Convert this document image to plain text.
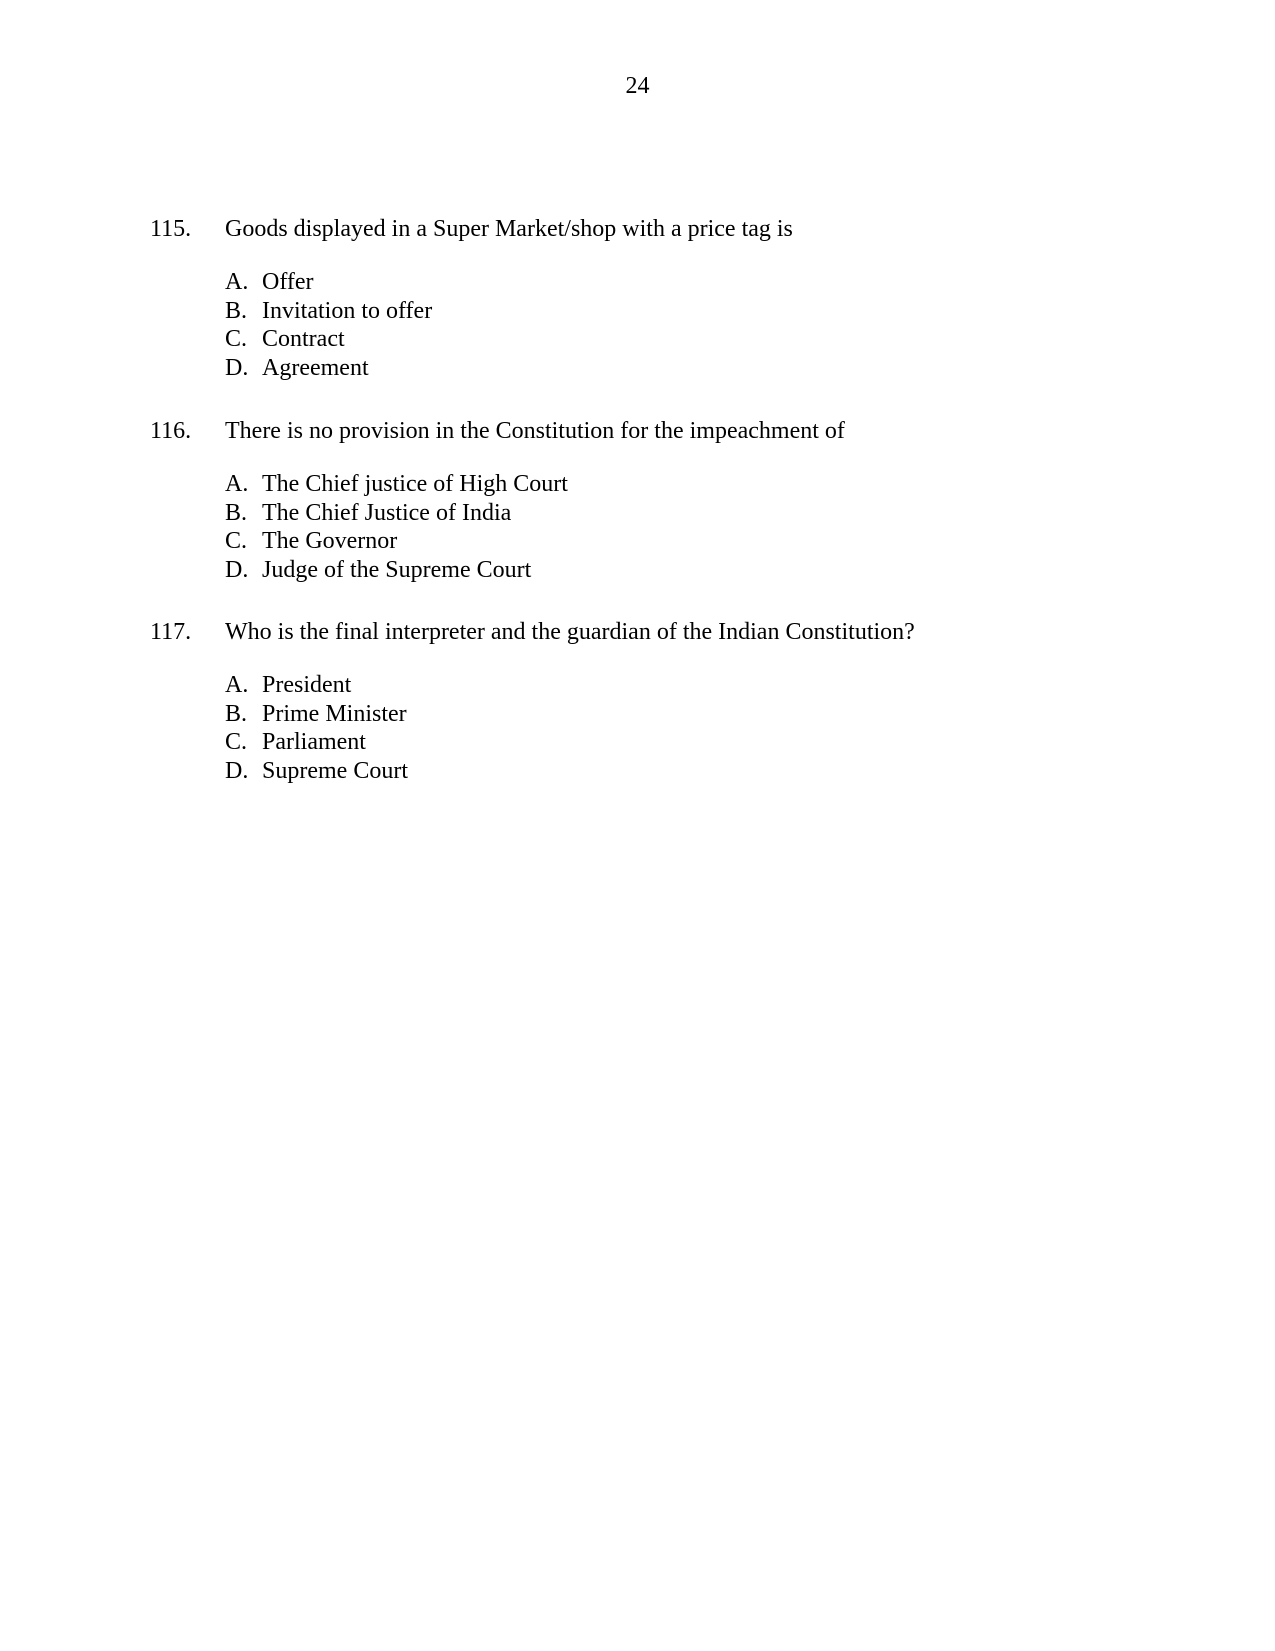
24
115. Goods displayed in a Super Market/shop with a price tag is
A. Offer
B. Invitation to offer
C. Contract
D. Agreement
116. There is no provision in the Constitution for the impeachment of
A. The Chief justice of High Court
B. The Chief Justice of India
C. The Governor
D. Judge of the Supreme Court
117. Who is the final interpreter and the guardian of the Indian Constitution?
A. President
B. Prime Minister
C. Parliament
D. Supreme Court
